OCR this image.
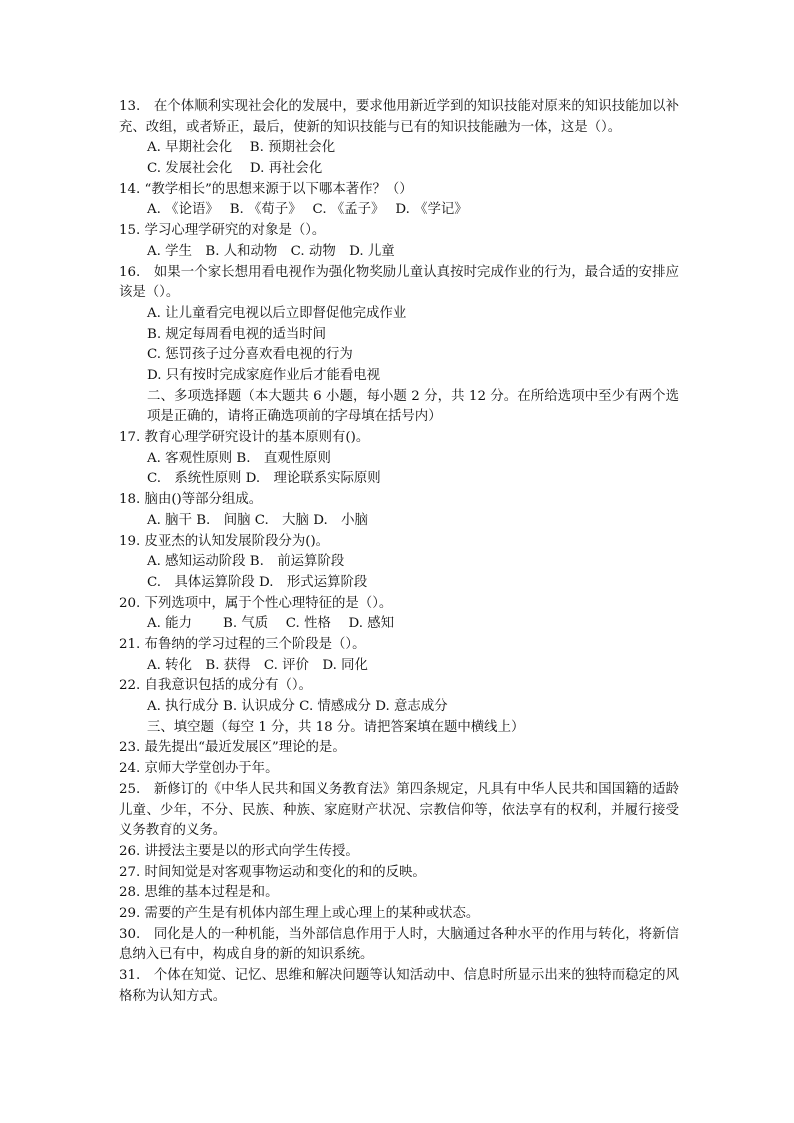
13.　在个体顺利实现社会化的发展中，要求他用新近学到的知识技能对原来的知识技能加以补充、改组，或者矫正，最后，使新的知识技能与已有的知识技能融为一体，这是（）。
A. 早期社会化　 B. 预期社会化
C. 发展社会化　 D. 再社会化
14. “教学相长”的思想来源于以下哪本著作？（）
A. 《论语》　 B. 《荀子》　 C. 《孟子》　 D. 《学记》
15. 学习心理学研究的对象是（）。
A. 学生　B. 人和动物　C. 动物　D. 儿童
16.　如果一个家长想用看电视作为强化物奖励儿童认真按时完成作业的行为，最合适的安排应该是（）。
A. 让儿童看完电视以后立即督促他完成作业
B. 规定每周看电视的适当时间
C. 惩罚孩子过分喜欢看电视的行为
D. 只有按时完成家庭作业后才能看电视
二、多项选择题（本大题共 6 小题，每小题 2 分，共 12 分。在所给选项中至少有两个选项是正确的，请将正确选项前的字母填在括号内）
17. 教育心理学研究设计的基本原则有()。
A. 客观性原则 B.　直观性原则
C.　系统性原则 D.　理论联系实际原则
18. 脑由()等部分组成。
A. 脑干 B.　间脑 C.　大脑 D.　小脑
19. 皮亚杰的认知发展阶段分为()。
A. 感知运动阶段 B.　前运算阶段
C.　具体运算阶段 D.　形式运算阶段
20. 下列选项中，属于个性心理特征的是（）。
A. 能力　　 B. 气质　 C. 性格　 D. 感知
21. 布鲁纳的学习过程的三个阶段是（）。
A. 转化　B. 获得　C. 评价　D. 同化
22. 自我意识包括的成分有（）。
A. 执行成分 B. 认识成分 C. 情感成分 D. 意志成分
三、填空题（每空 1 分，共 18 分。请把答案填在题中横线上）
23. 最先提出“最近发展区”理论的是。
24. 京师大学堂创办于年。
25.　新修订的《中华人民共和国义务教育法》第四条规定，凡具有中华人民共和国国籍的适龄儿童、少年，不分、民族、种族、家庭财产状况、宗教信仰等，依法享有的权利，并履行接受义务教育的义务。
26. 讲授法主要是以的形式向学生传授。
27. 时间知觉是对客观事物运动和变化的和的反映。
28. 思维的基本过程是和。
29. 需要的产生是有机体内部生理上或心理上的某种或状态。
30.　同化是人的一种机能，当外部信息作用于人时，大脑通过各种水平的作用与转化，将新信息纳入已有中，构成自身的新的知识系统。
31.　个体在知觉、记忆、思维和解决问题等认知活动中、信息时所显示出来的独特而稳定的风格称为认知方式。
